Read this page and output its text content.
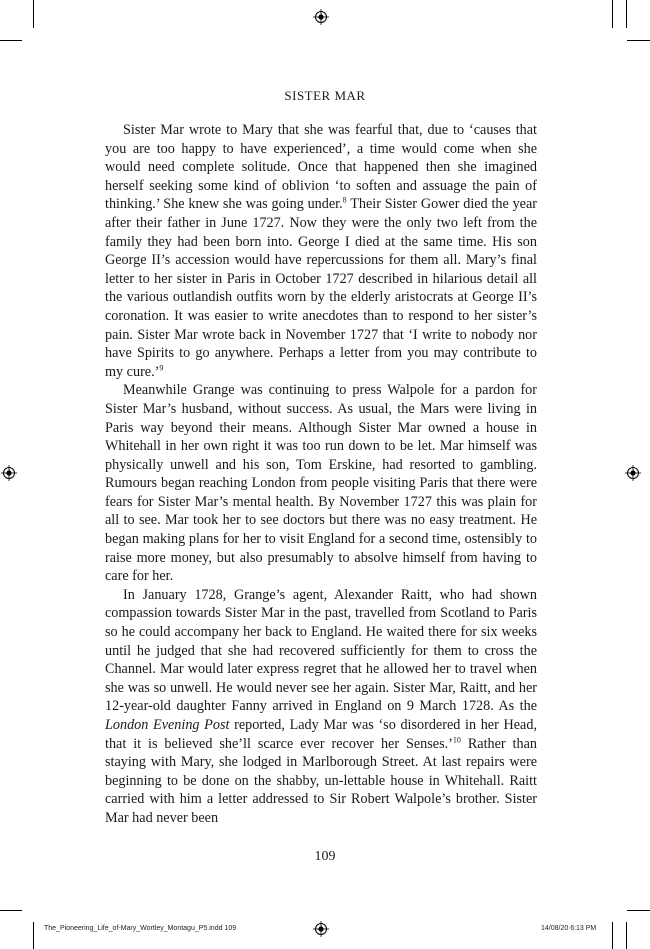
SISTER MAR

Sister Mar wrote to Mary that she was fearful that, due to ‘causes that you are too happy to have experienced’, a time would come when she would need complete solitude. Once that happened then she imagined herself seeking some kind of oblivion ‘to soften and assuage the pain of thinking.’ She knew she was going under.$^8$ Their Sister Gower died the year after their father in June 1727. Now they were the only two left from the family they had been born into. George I died at the same time. His son George II’s accession would have repercussions for them all. Mary’s final letter to her sister in Paris in October 1727 described in hilarious detail all the various outlandish outfits worn by the elderly aristocrats at George II’s coronation. It was easier to write anecdotes than to respond to her sister’s pain. Sister Mar wrote back in November 1727 that ‘I write to nobody nor have Spirits to go anywhere. Perhaps a letter from you may contribute to my cure.’$^9$

Meanwhile Grange was continuing to press Walpole for a pardon for Sister Mar’s husband, without success. As usual, the Mars were living in Paris way beyond their means. Although Sister Mar owned a house in Whitehall in her own right it was too run down to be let. Mar himself was physically unwell and his son, Tom Erskine, had resorted to gambling. Rumours began reaching London from people visiting Paris that there were fears for Sister Mar’s mental health. By November 1727 this was plain for all to see. Mar took her to see doctors but there was no easy treatment. He began making plans for her to visit England for a second time, ostensibly to raise more money, but also presumably to absolve himself from having to care for her.

In January 1728, Grange’s agent, Alexander Raitt, who had shown compassion towards Sister Mar in the past, travelled from Scotland to Paris so he could accompany her back to England. He waited there for six weeks until he judged that she had recovered sufficiently for them to cross the Channel. Mar would later express regret that he allowed her to travel when she was so unwell. He would never see her again. Sister Mar, Raitt, and her 12-year-old daughter Fanny arrived in England on 9 March 1728. As the London Evening Post reported, Lady Mar was ‘so disordered in her Head, that it is believed she’ll scarce ever recover her Senses.’$^{10}$ Rather than staying with Mary, she lodged in Marlborough Street. At last repairs were beginning to be done on the shabby, un-lettable house in Whitehall. Raitt carried with him a letter addressed to Sir Robert Walpole’s brother. Sister Mar had never been

109
The_Pioneering_Life_of-Mary_Wortley_Montagu_P5.indd 109	14/08/20 6:13 PM
